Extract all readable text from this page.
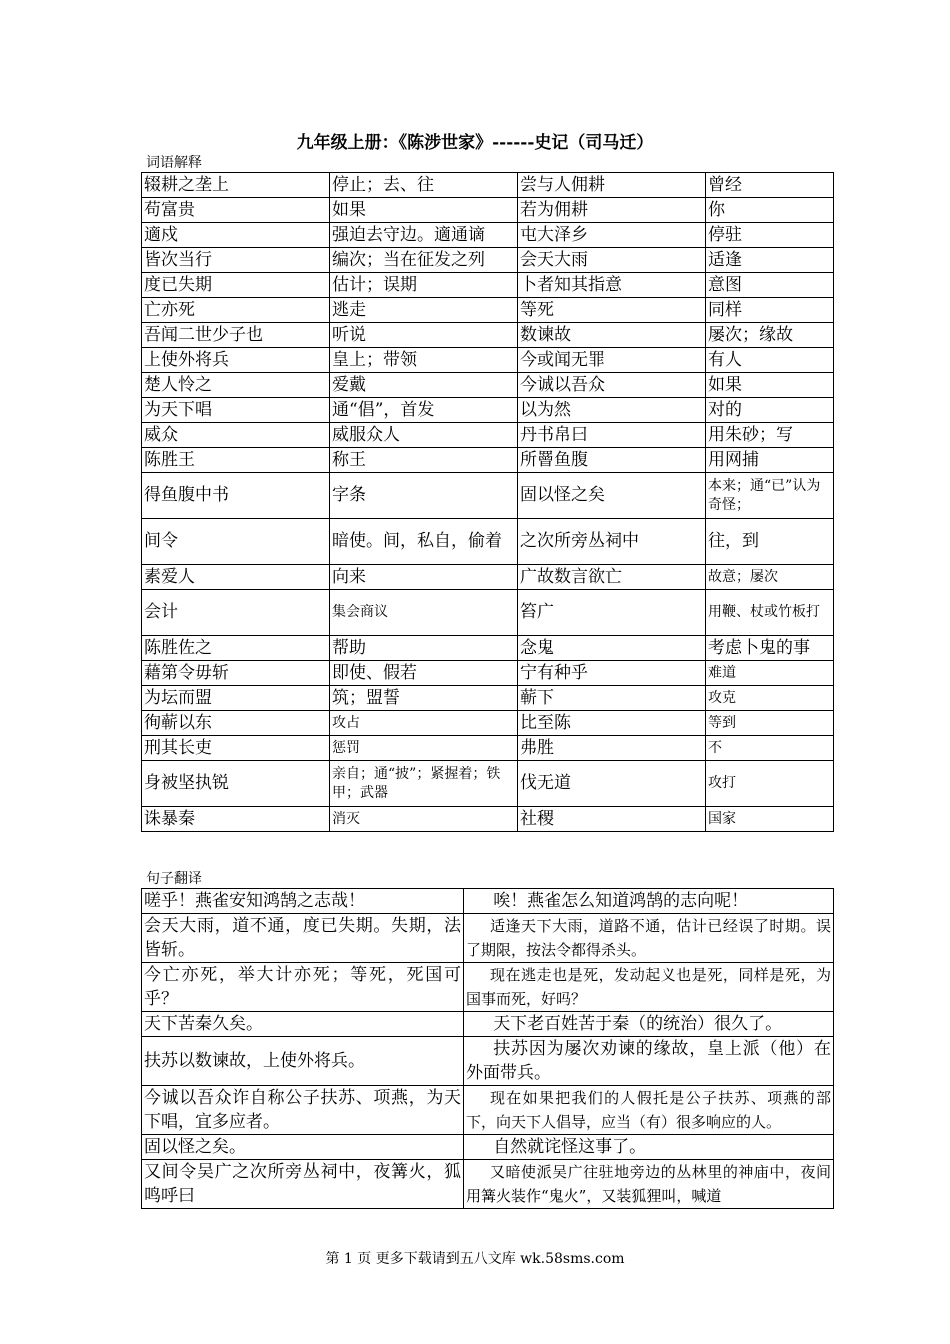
九年级上册：《陈涉世家》------史记（司马迁）
词语解释
辍耕之垄上	停止；去、往	尝与人佣耕	曾经
苟富贵	如果	若为佣耕	你
適戍	强迫去守边。適通谪	屯大泽乡	停驻
皆次当行	编次；当在征发之列	会天大雨	适逢
度已失期	估计；误期	卜者知其指意	意图
亡亦死	逃走	等死	同样
吾闻二世少子也	听说	数谏故	屡次；缘故
上使外将兵	皇上；带领	今或闻无罪	有人
楚人怜之	爱戴	今诚以吾众	如果
为天下唱	通“倡”，首发	以为然	对的
威众	威服众人	丹书帛曰	用朱砂；写
陈胜王	称王	所罾鱼腹	用网捕
得鱼腹中书	字条	固以怪之矣	本来；通“已”认为奇怪；
间令	暗使。间，私自，偷着	之次所旁丛祠中	往，到
素爱人	向来	广故数言欲亡	故意；屡次
会计	集会商议	笞广	用鞭、杖或竹板打
陈胜佐之	帮助	念鬼	考虑卜鬼的事
藉第令毋斩	即使、假若	宁有种乎	难道
为坛而盟	筑；盟誓	蕲下	攻克
徇蕲以东	攻占	比至陈	等到
刑其长吏	惩罚	弗胜	不
身被坚执锐	亲自；通“披”；紧握着；铁甲；武器	伐无道	攻打
诛暴秦	消灭	社稷	国家
句子翻译
嗟乎！燕雀安知鸿鹄之志哉！	唉！燕雀怎么知道鸿鹄的志向呢！
会天大雨，道不通，度已失期。失期，法皆斩。	适逢天下大雨，道路不通，估计已经误了时期。误了期限，按法令都得杀头。
今亡亦死，举大计亦死；等死，死国可乎？	现在逃走也是死，发动起义也是死，同样是死，为国事而死，好吗？
天下苦秦久矣。	天下老百姓苦于秦（的统治）很久了。
扶苏以数谏故，上使外将兵。	扶苏因为屡次劝谏的缘故，皇上派（他）在外面带兵。
今诚以吾众诈自称公子扶苏、项燕，为天下唱，宜多应者。	现在如果把我们的人假托是公子扶苏、项燕的部下，向天下人倡导，应当（有）很多响应的人。
固以怪之矣。	自然就诧怪这事了。
又间令吴广之次所旁丛祠中，夜篝火，狐鸣呼曰	又暗使派吴广往驻地旁边的丛林里的神庙中，夜间用篝火装作“鬼火”，又装狐狸叫，喊道
第 1 页 更多下载请到五八文库 wk.58sms.com
